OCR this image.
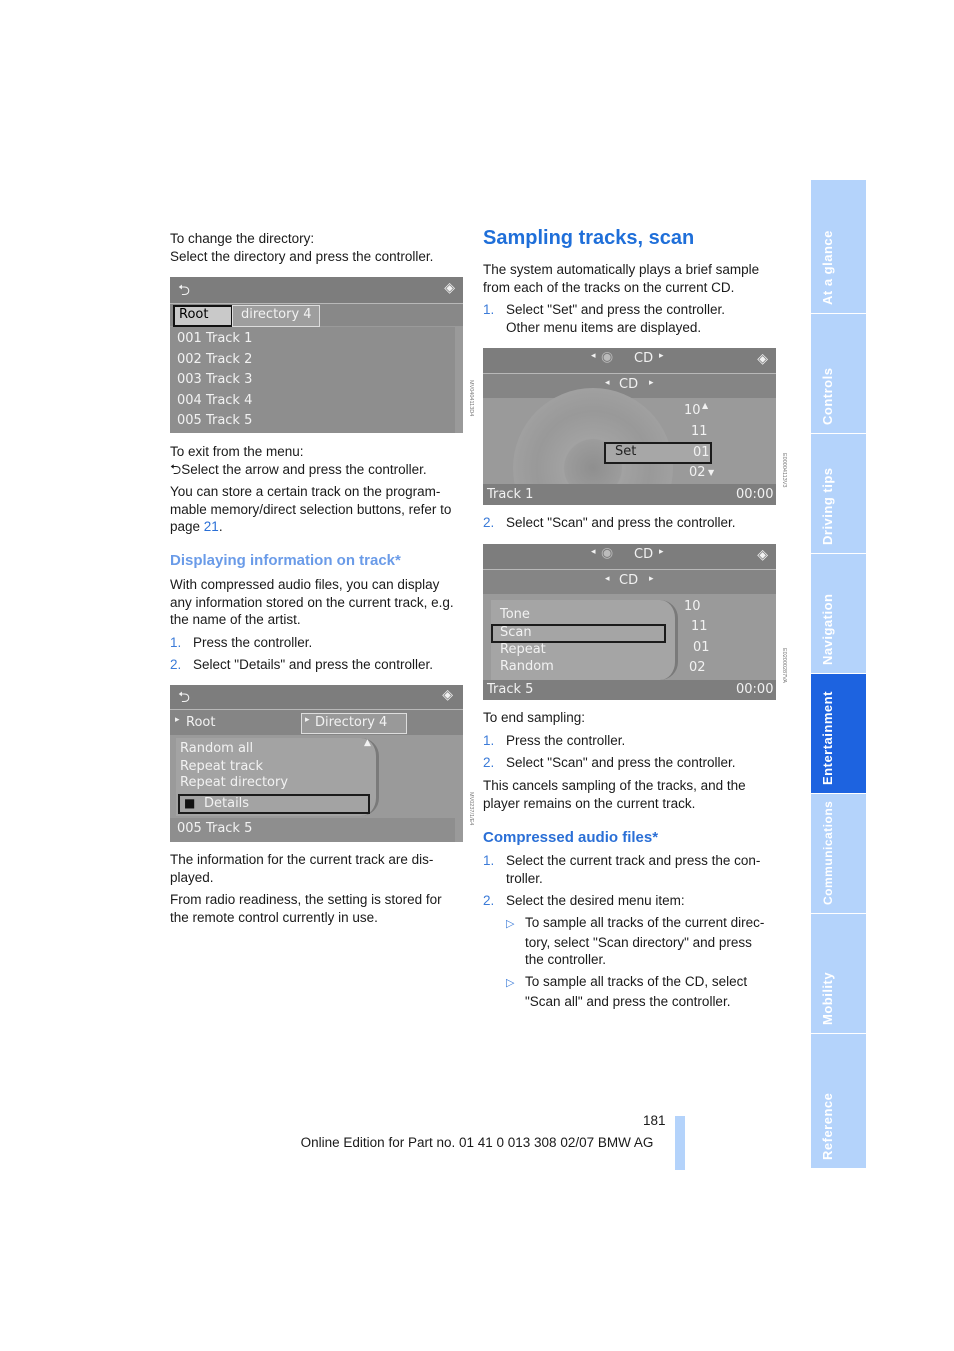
To change the directory:

Select the directory and press the controller.

⮌	◈
Root	directory 4
001 Track 1
002 Track 2
003 Track 3
004 Track 4
005 Track 5
MV0404113D4

To exit from the menu:

⮌Select the arrow and press the controller.

You can store a certain track on the program-

mable memory/direct selection buttons, refer to

page 21.

Displaying information on track*

With compressed audio files, you can display

any information stored on the current track, e.g.

the name of the artist.

1. Press the controller.

2. Select "Details" and press the controller.

⮌	◈
▸ Root	▸ Directory 4
Random all
Repeat track
Repeat directory
▲
■ Details
005 Track 5
MV0237/1/E4

The information for the current track are dis-

played.

From radio readiness, the setting is stored for

the remote control currently in use.

Sampling tracks, scan

The system automatically plays a brief sample

from each of the tracks on the current CD.

1. Select "Set" and press the controller.

Other menu items are displayed.

◂ ◉ CD ▸	◈
◂ CD ▸
10 ▲
11
Set	01
02 ▼
Track 1	00:00
E00004113V3

2. Select "Scan" and press the controller.

◂ ◉ CD ▸	◈
◂ CD ▸
Tone
Scan
Repeat
Random
10
11
01
02
Track 5	00:00
E02000287VA

To end sampling:

1. Press the controller.

2. Select "Scan" and press the controller.

This cancels sampling of the tracks, and the

player remains on the current track.

Compressed audio files*

1. Select the current track and press the con-

troller.

2. Select the desired menu item:

▷ To sample all tracks of the current direc-

tory, select "Scan directory" and press

the controller.

▷ To sample all tracks of the CD, select

"Scan all" and press the controller.

At a glance
Controls
Driving tips
Navigation
Entertainment
Communications
Mobility
Reference
181
Online Edition for Part no. 01 41 0 013 308 02/07 BMW AG
